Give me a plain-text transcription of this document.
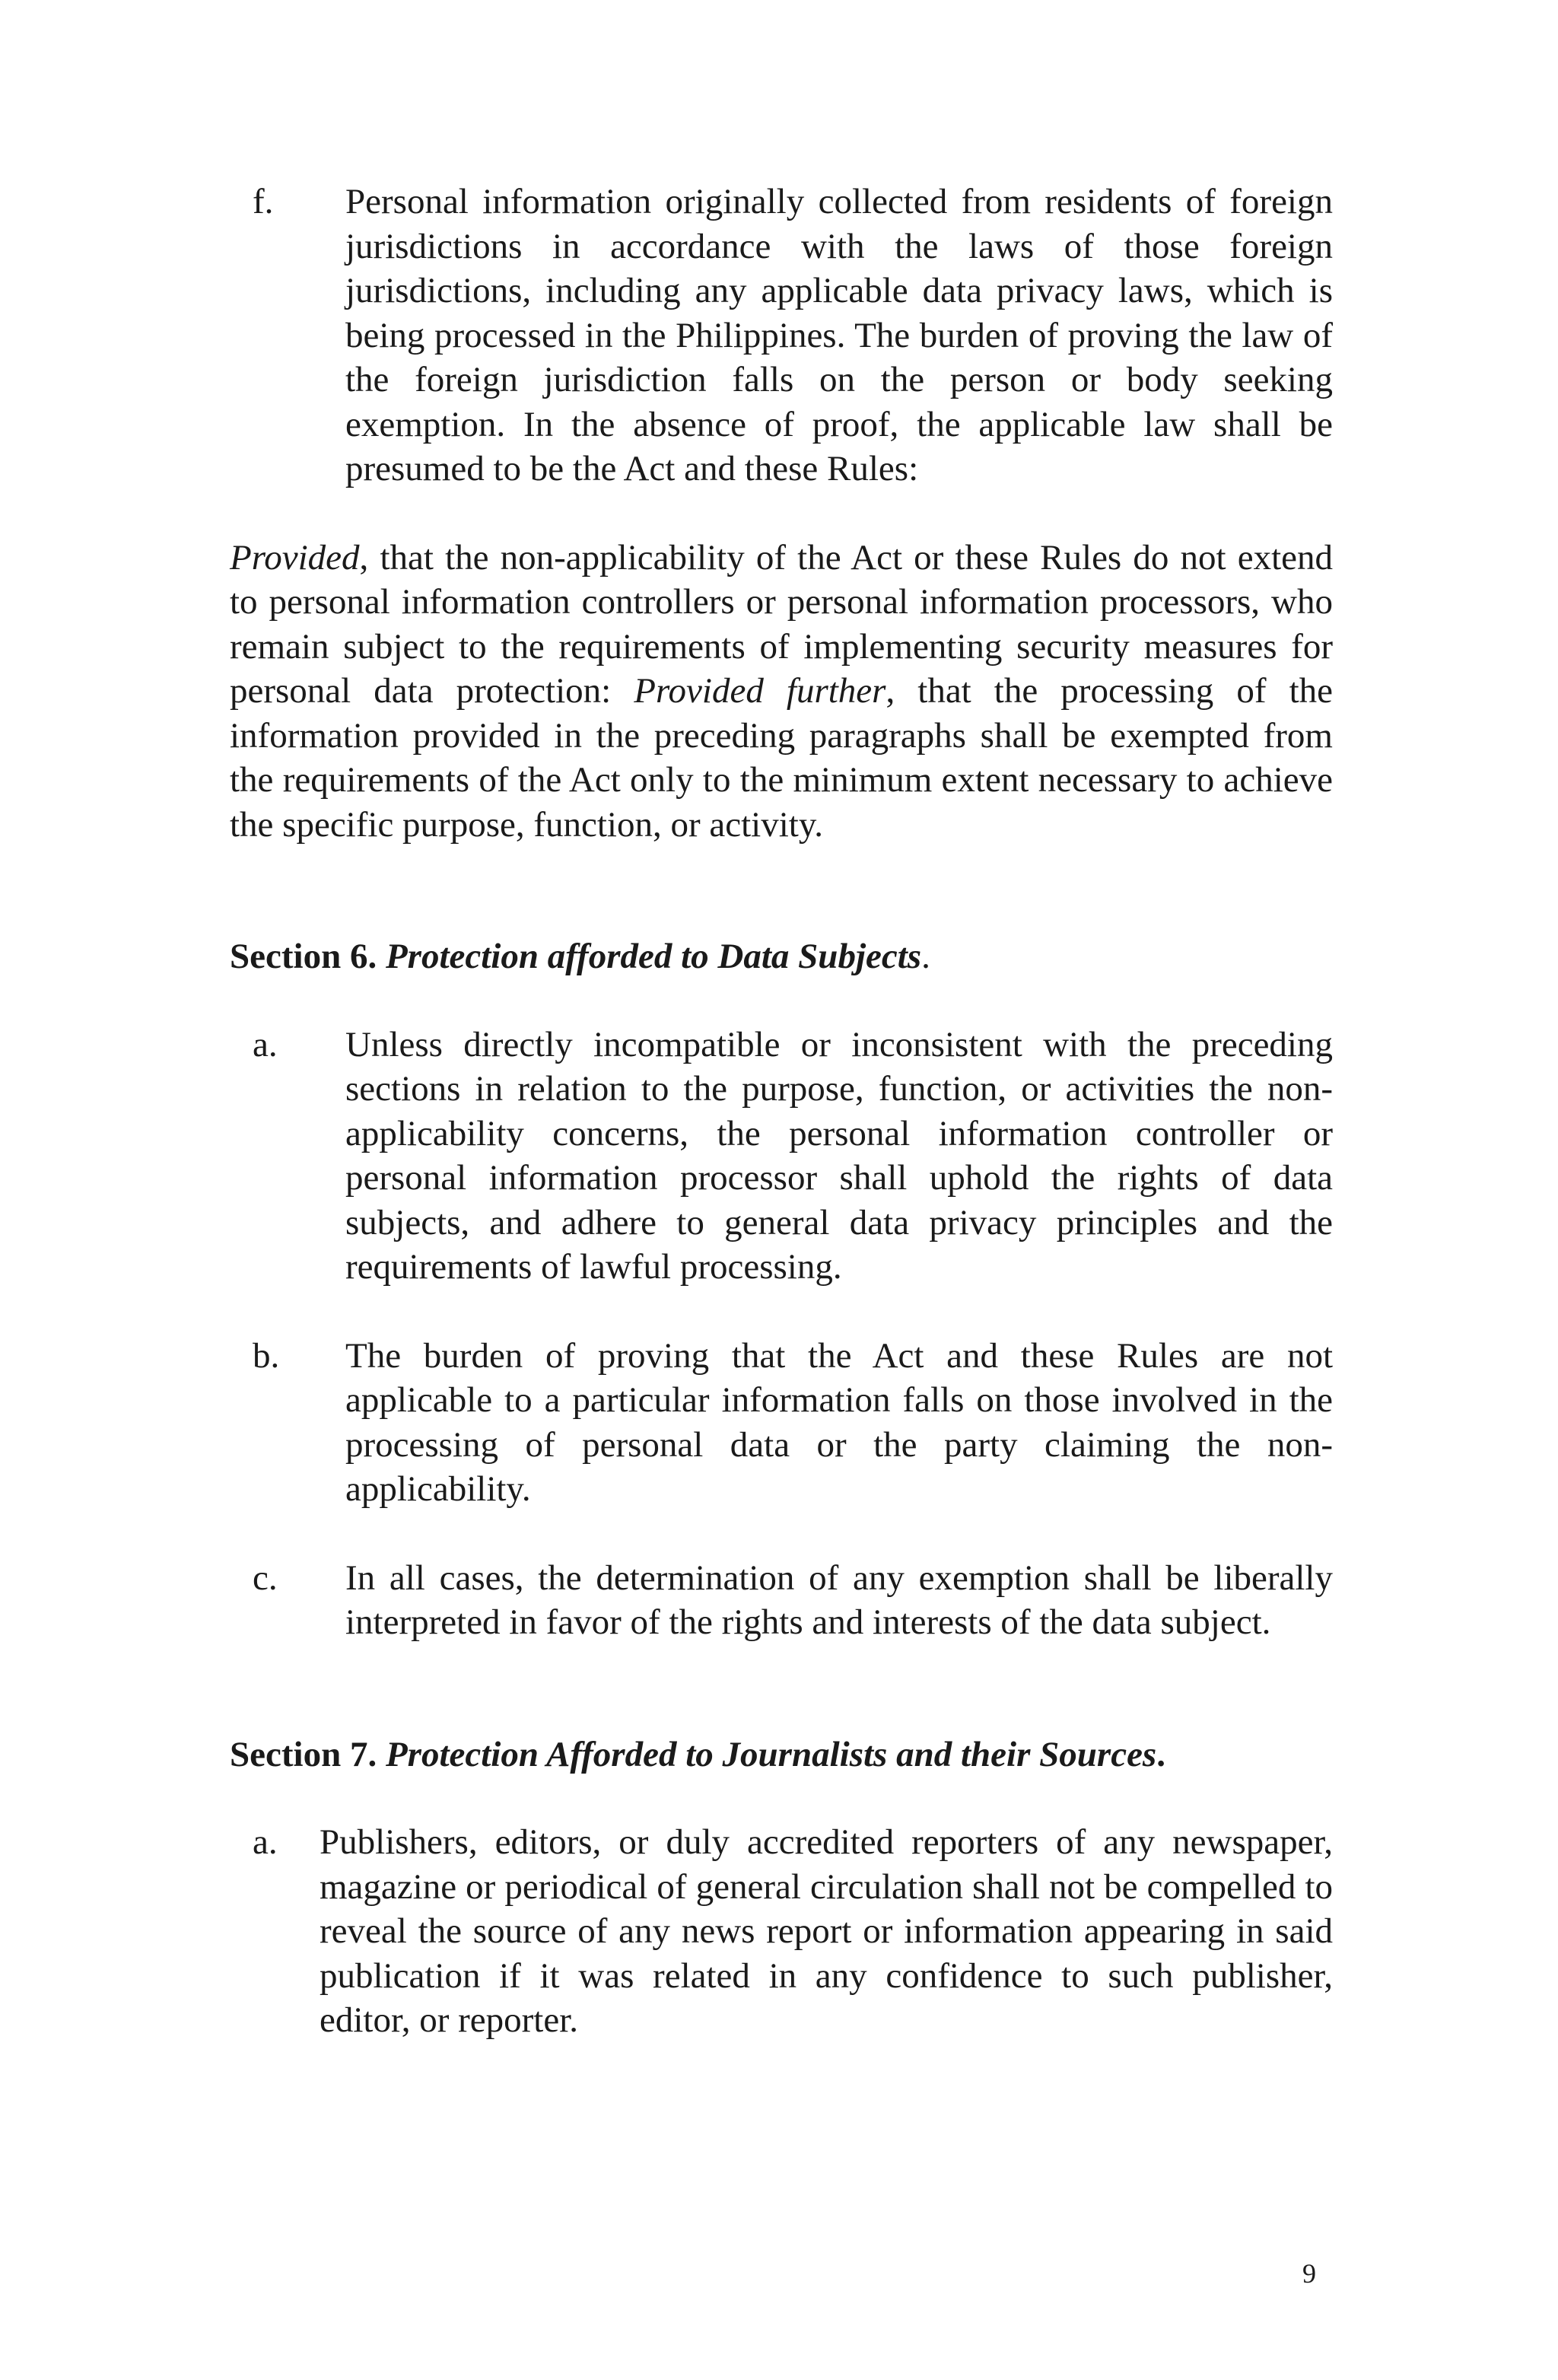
f.	Personal information originally collected from residents of foreign jurisdictions in accordance with the laws of those foreign jurisdictions, including any applicable data privacy laws, which is being processed in the Philippines. The burden of proving the law of the foreign jurisdiction falls on the person or body seeking exemption. In the absence of proof, the applicable law shall be presumed to be the Act and these Rules:

Provided, that the non-applicability of the Act or these Rules do not extend to personal information controllers or personal information processors, who remain subject to the requirements of implementing security measures for personal data protection: Provided further, that the processing of the information provided in the preceding paragraphs shall be exempted from the requirements of the Act only to the minimum extent necessary to achieve the specific purpose, function, or activity.

Section 6. Protection afforded to Data Subjects.

a.	Unless directly incompatible or inconsistent with the preceding sections in relation to the purpose, function, or activities the non-applicability concerns, the personal information controller or personal information processor shall uphold the rights of data subjects, and adhere to general data privacy principles and the requirements of lawful processing.
b.	The burden of proving that the Act and these Rules are not applicable to a particular information falls on those involved in the processing of personal data or the party claiming the non-applicability.
c.	In all cases, the determination of any exemption shall be liberally interpreted in favor of the rights and interests of the data subject.

Section 7. Protection Afforded to Journalists and their Sources.

a.	Publishers, editors, or duly accredited reporters of any newspaper, magazine or periodical of general circulation shall not be compelled to reveal the source of any news report or information appearing in said publication if it was related in any confidence to such publisher, editor, or reporter.
9
